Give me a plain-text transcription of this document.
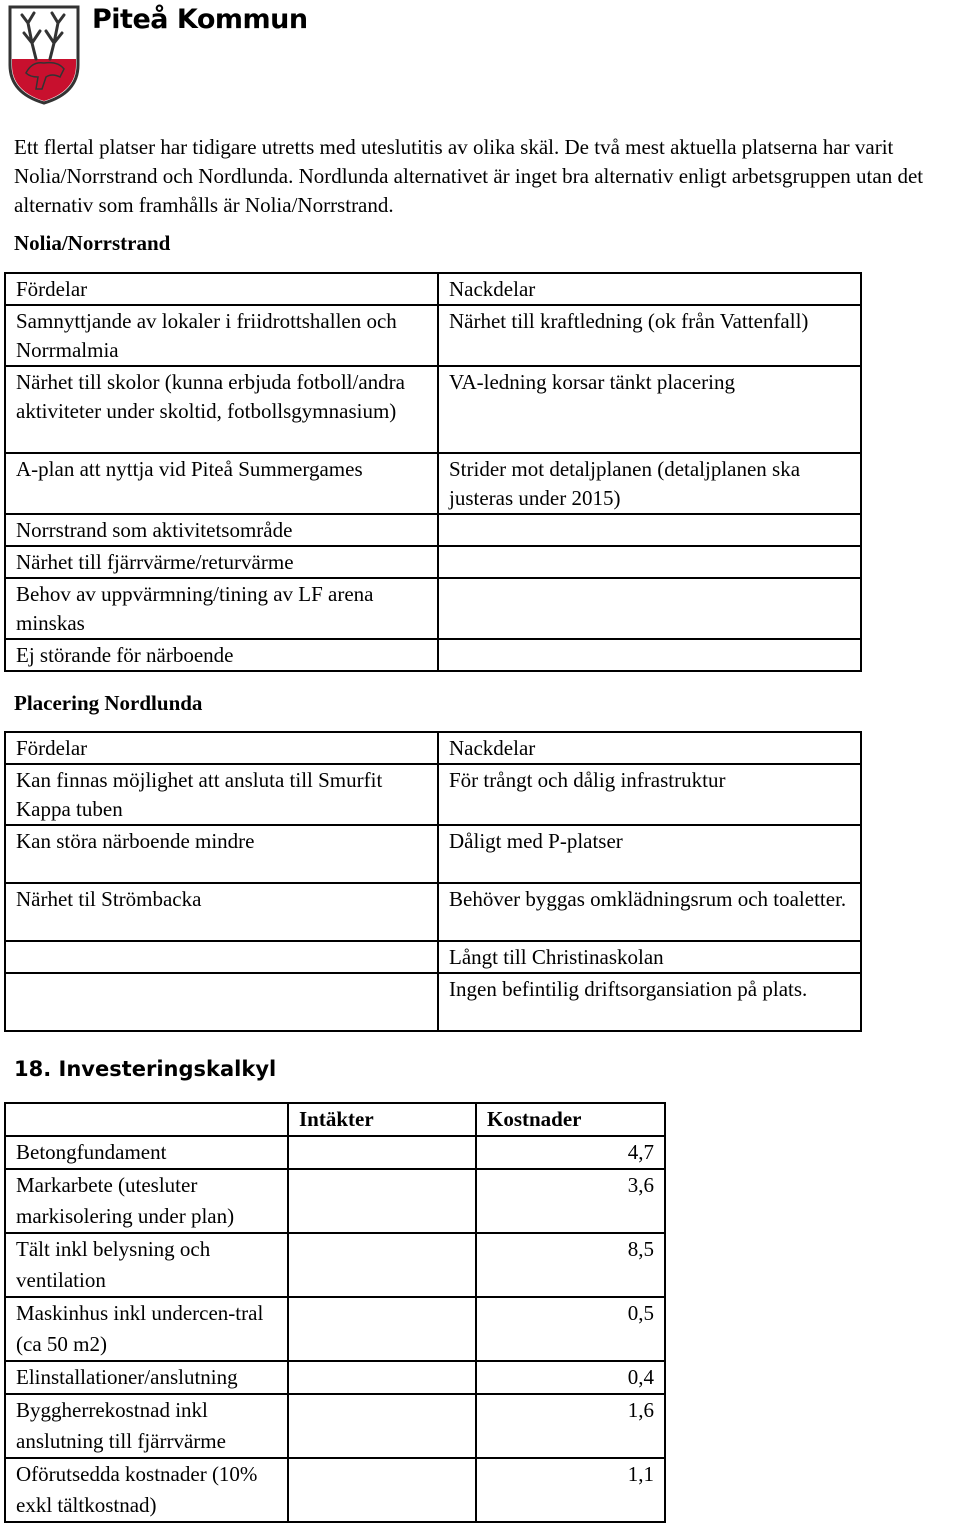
Piteå Kommun
Ett flertal platser har tidigare utretts med uteslutitis av olika skäl. De två mest aktuella platserna har varit Nolia/Norrstrand och Nordlunda. Nordlunda alternativet är inget bra alternativ enligt arbetsgruppen utan det alternativ som framhålls är Nolia/Norrstrand.
Nolia/Norrstrand
Fördelar	Nackdelar
Samnyttjande av lokaler i friidrottshallen och Norrmalmia	Närhet till kraftledning (ok från Vattenfall)
Närhet till skolor (kunna erbjuda fotboll/andra aktiviteter under skoltid, fotbollsgymnasium)	VA-ledning korsar tänkt placering
A-plan att nyttja vid Piteå Summergames	Strider mot detaljplanen (detaljplanen ska justeras under 2015)
Norrstrand som aktivitetsområde	
Närhet till fjärrvärme/returvärme	
Behov av uppvärmning/tining av LF arena minskas	
Ej störande för närboende	
Placering Nordlunda
Fördelar	Nackdelar
Kan finnas möjlighet att ansluta till Smurfit Kappa tuben	För trångt och dålig infrastruktur
Kan störa närboende mindre	Dåligt med P-platser
Närhet til Strömbacka	Behöver byggas omklädningsrum och toaletter.
	Långt till Christinaskolan
	Ingen befintilig driftsorgansiation på plats.
18. Investeringskalkyl
	Intäkter	Kostnader
Betongfundament		4,7
Markarbete (utesluter markisolering under plan)		3,6
Tält inkl belysning och ventilation		8,5
Maskinhus inkl undercen-tral (ca 50 m2)		0,5
Elinstallationer/anslutning		0,4
Byggherrekostnad inkl anslutning till fjärrvärme		1,6
Oförutsedda kostnader (10% exkl tältkostnad)		1,1
